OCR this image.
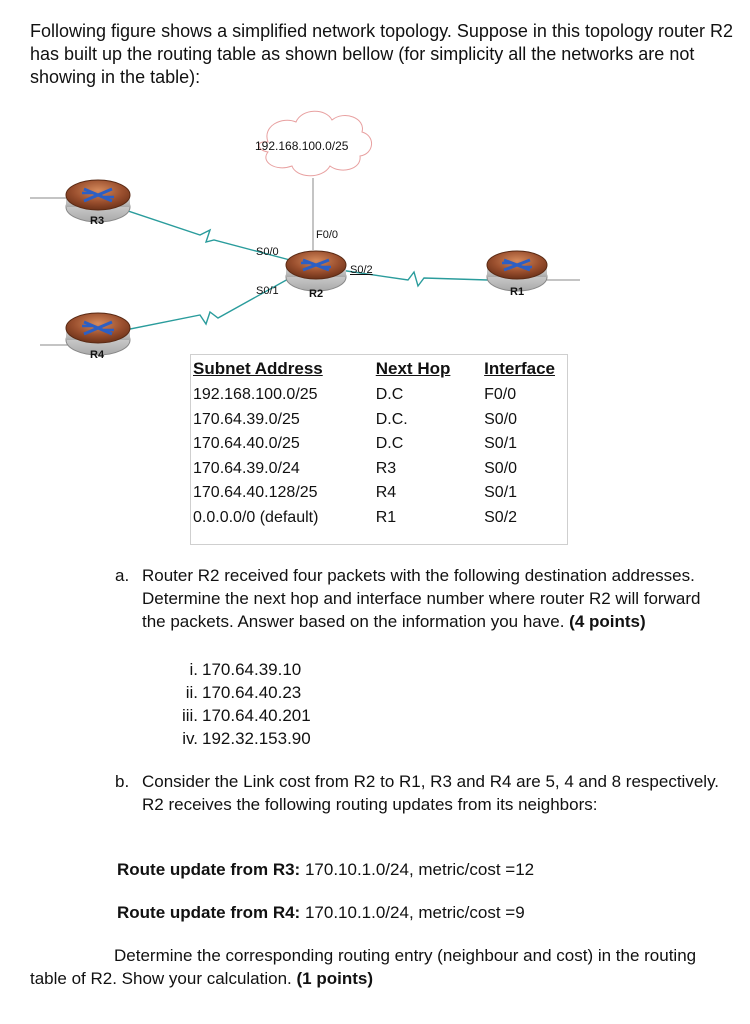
Following figure shows a simplified network topology. Suppose in this topology router R2 has built up the routing table as shown bellow (for simplicity all the networks are not showing in the table):

192.168.100.0/25
R3
R4
R2	R1
F0/0
S0/0
S0/1
S0/2
Subnet Address	Next Hop	Interface
192.168.100.0/25	D.C	F0/0
170.64.39.0/25	D.C.	S0/0
170.64.40.0/25	D.C	S0/1
170.64.39.0/24	R3	S0/0
170.64.40.128/25	R4	S0/1
0.0.0.0/0 (default)	R1	S0/2
a. Router R2 received four packets with the following destination addresses. Determine the next hop and interface number where router R2 will forward the packets. Answer based on the information you have. (4 points)
i. 170.64.39.10
ii. 170.64.40.23
iii. 170.64.40.201
iv. 192.32.153.90
b. Consider the Link cost from R2 to R1, R3 and R4 are 5, 4 and 8 respectively. R2 receives the following routing updates from its neighbors:
Route update from R3: 170.10.1.0/24, metric/cost =12
Route update from R4: 170.10.1.0/24, metric/cost =9

Determine the corresponding routing entry (neighbour and cost) in the routing table of R2. Show your calculation. (1 points)
